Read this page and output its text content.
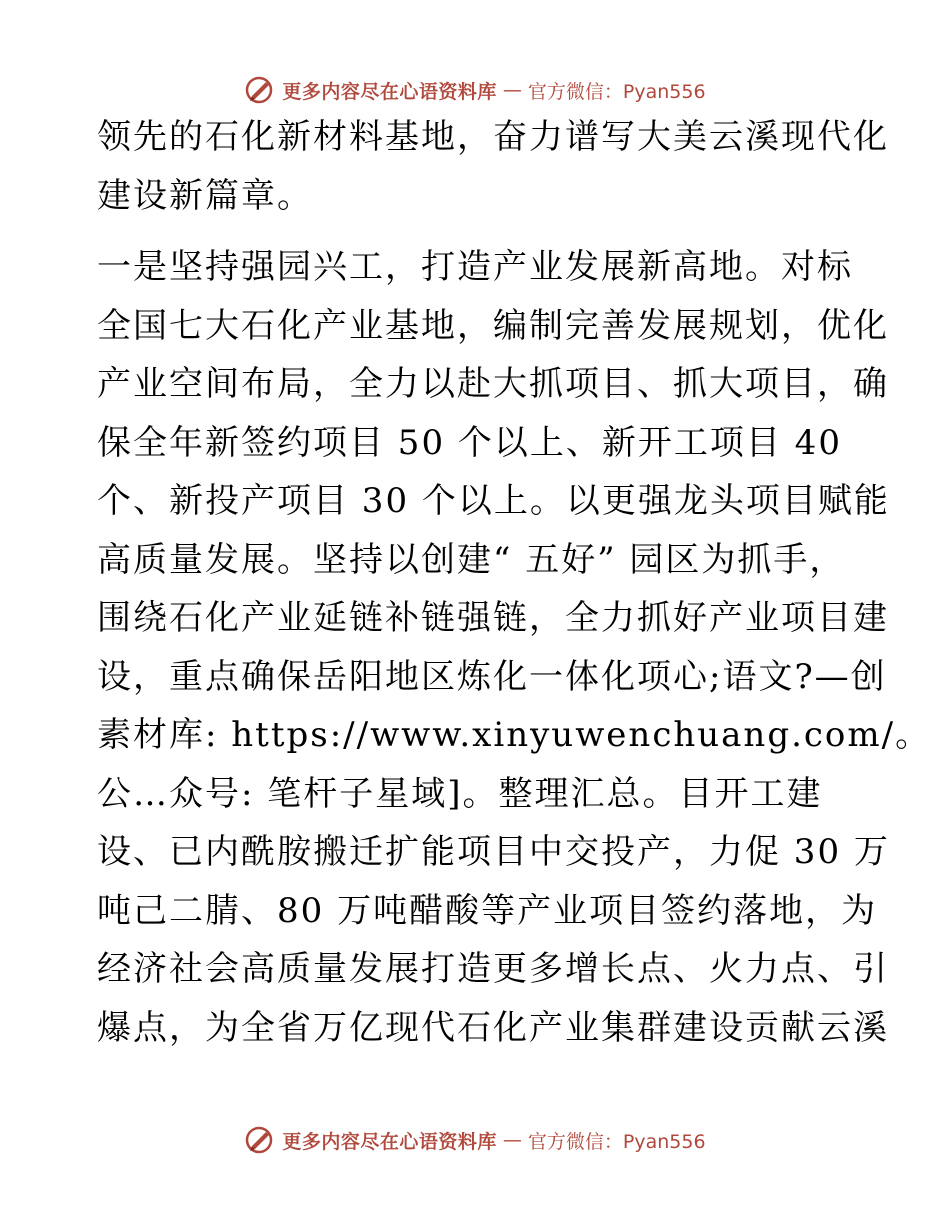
更多内容尽在心语资料库 — 官方微信：Pyan556
领先的石化新材料基地，奋力谱写大美云溪现代化
建设新篇章。
一是坚持强园兴工，打造产业发展新高地。对标
全国七大石化产业基地，编制完善发展规划，优化
产业空间布局，全力以赴大抓项目、抓大项目，确
保全年新签约项目 50 个以上、新开工项目 40
个、新投产项目 30 个以上。以更强龙头项目赋能
高质量发展。坚持以创建“ 五好” 园区为抓手，
围绕石化产业延链补链强链，全力抓好产业项目建
设，重点确保岳阳地区炼化一体化项心;语文?—创
素材库: https://www.xinyuwenchuang.com/。
公…众号: 笔杆子星域]。整理汇总。目开工建
设、已内酰胺搬迁扩能项目中交投产，力促 30 万
吨己二腈、80 万吨醋酸等产业项目签约落地，为
经济社会高质量发展打造更多增长点、火力点、引
爆点，为全省万亿现代石化产业集群建设贡献云溪
更多内容尽在心语资料库 — 官方微信：Pyan556
